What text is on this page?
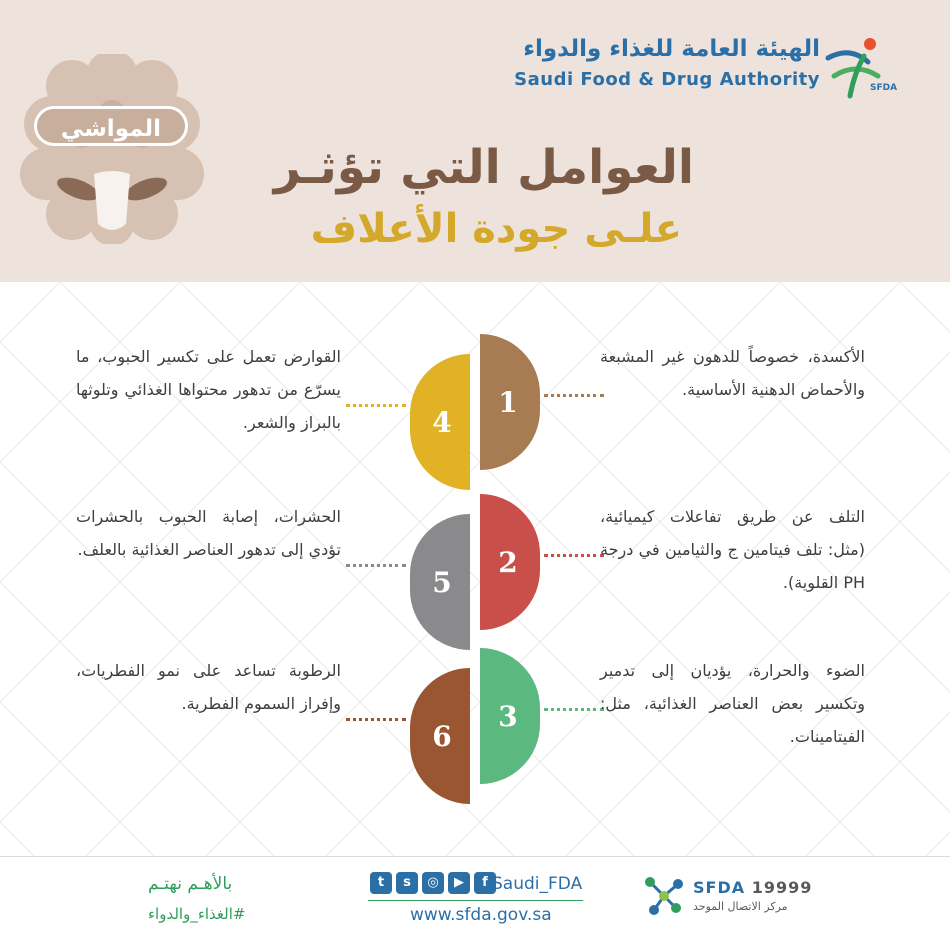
الهيئة العامة للغذاء والدواء
Saudi Food & Drug Authority	SFDA
المواشي
العوامل التي تؤثـر
علـى جودة الأعلاف
1
الأكسدة، خصوصاً للدهون غير المشبعة والأحماض الدهنية الأساسية.
2
التلف عن طريق تفاعلات كيميائية، (مثل: تلف فيتامين ج والثيامين في درجة PH القلوية).
3
الضوء والحرارة، يؤديان إلى تدمير وتكسير بعض العناصر الغذائية، مثل: الفيتامينات.
4
القوارض تعمل على تكسير الحبوب، ما يسرّع من تدهور محتواها الغذائي وتلوثها بالبراز والشعر.
5
الحشرات، إصابة الحبوب بالحشرات تؤدي إلى تدهور العناصر الغذائية بالعلف.
6
الرطوبة تساعد على نمو الفطريات، وإفراز السموم الفطرية.
بالأهـم نهتـم
#الغذاء_والدواء
t	s	◎	▶	f Saudi_FDA
www.sfda.gov.sa
SFDA 19999
مركز الاتصال الموحد
